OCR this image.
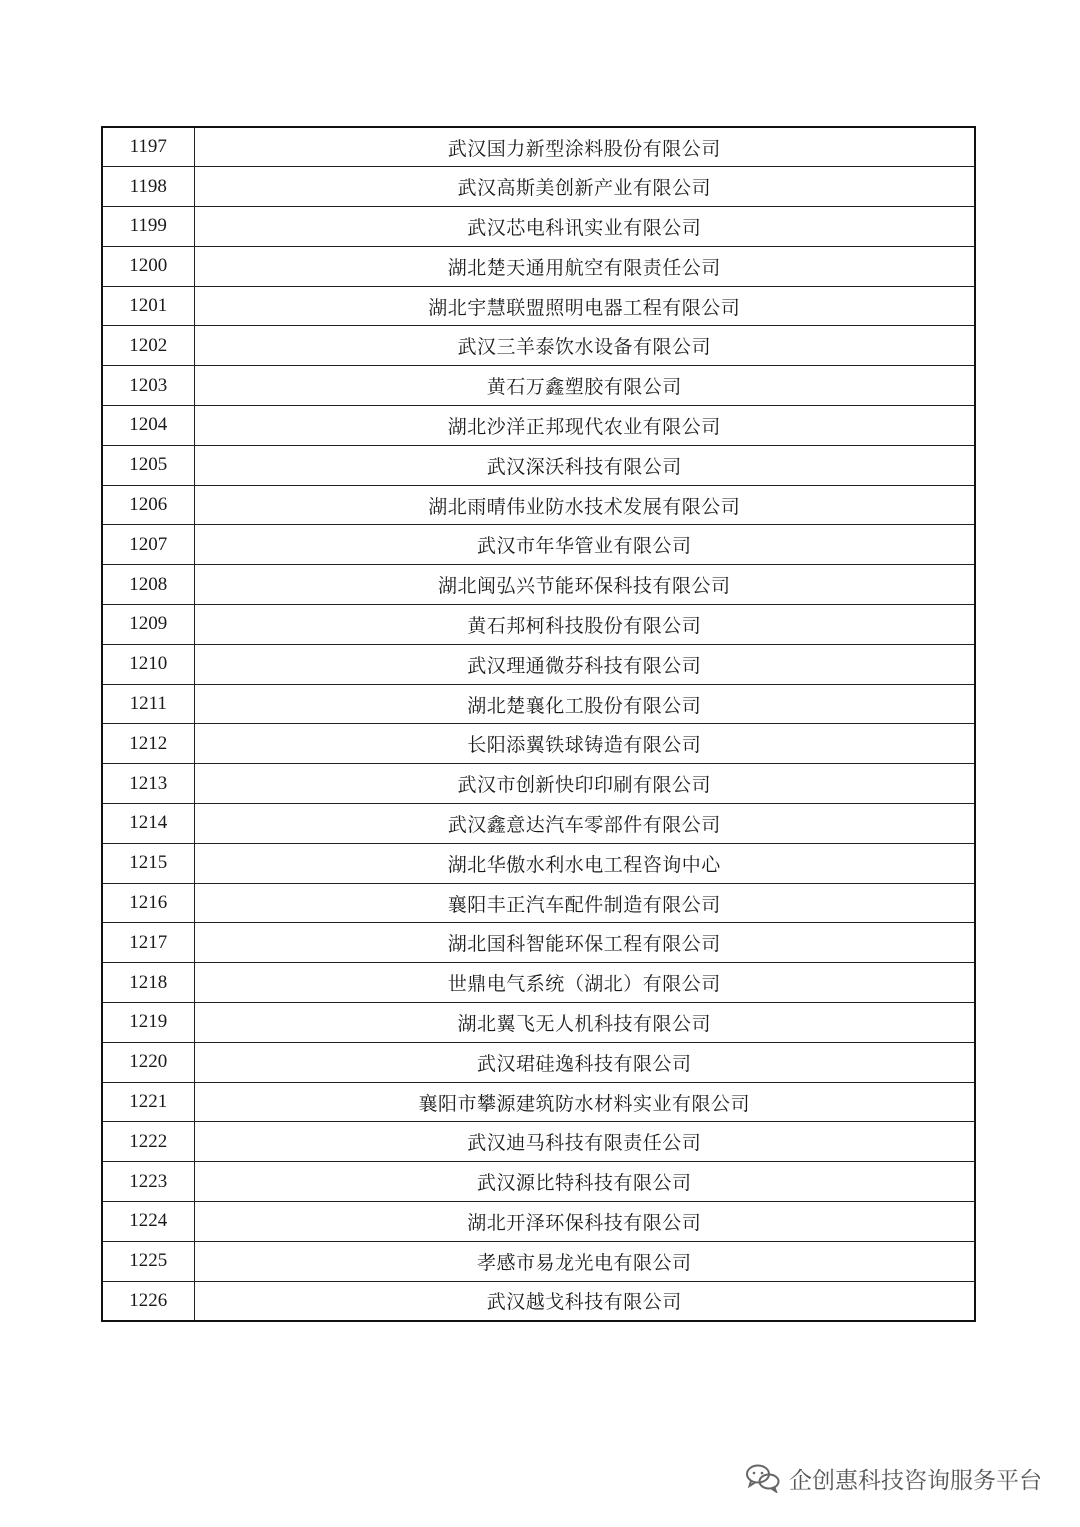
1197	武汉国力新型涂料股份有限公司
1198	武汉高斯美创新产业有限公司
1199	武汉芯电科讯实业有限公司
1200	湖北楚天通用航空有限责任公司
1201	湖北宇慧联盟照明电器工程有限公司
1202	武汉三羊泰饮水设备有限公司
1203	黄石万鑫塑胶有限公司
1204	湖北沙洋正邦现代农业有限公司
1205	武汉深沃科技有限公司
1206	湖北雨晴伟业防水技术发展有限公司
1207	武汉市年华管业有限公司
1208	湖北闽弘兴节能环保科技有限公司
1209	黄石邦柯科技股份有限公司
1210	武汉理通微芬科技有限公司
1211	湖北楚襄化工股份有限公司
1212	长阳添翼铁球铸造有限公司
1213	武汉市创新快印印刷有限公司
1214	武汉鑫意达汽车零部件有限公司
1215	湖北华傲水利水电工程咨询中心
1216	襄阳丰正汽车配件制造有限公司
1217	湖北国科智能环保工程有限公司
1218	世鼎电气系统（湖北）有限公司
1219	湖北翼飞无人机科技有限公司
1220	武汉珺硅逸科技有限公司
1221	襄阳市攀源建筑防水材料实业有限公司
1222	武汉迪马科技有限责任公司
1223	武汉源比特科技有限公司
1224	湖北开泽环保科技有限公司
1225	孝感市易龙光电有限公司
1226	武汉越戈科技有限公司
企创惠科技咨询服务平台
